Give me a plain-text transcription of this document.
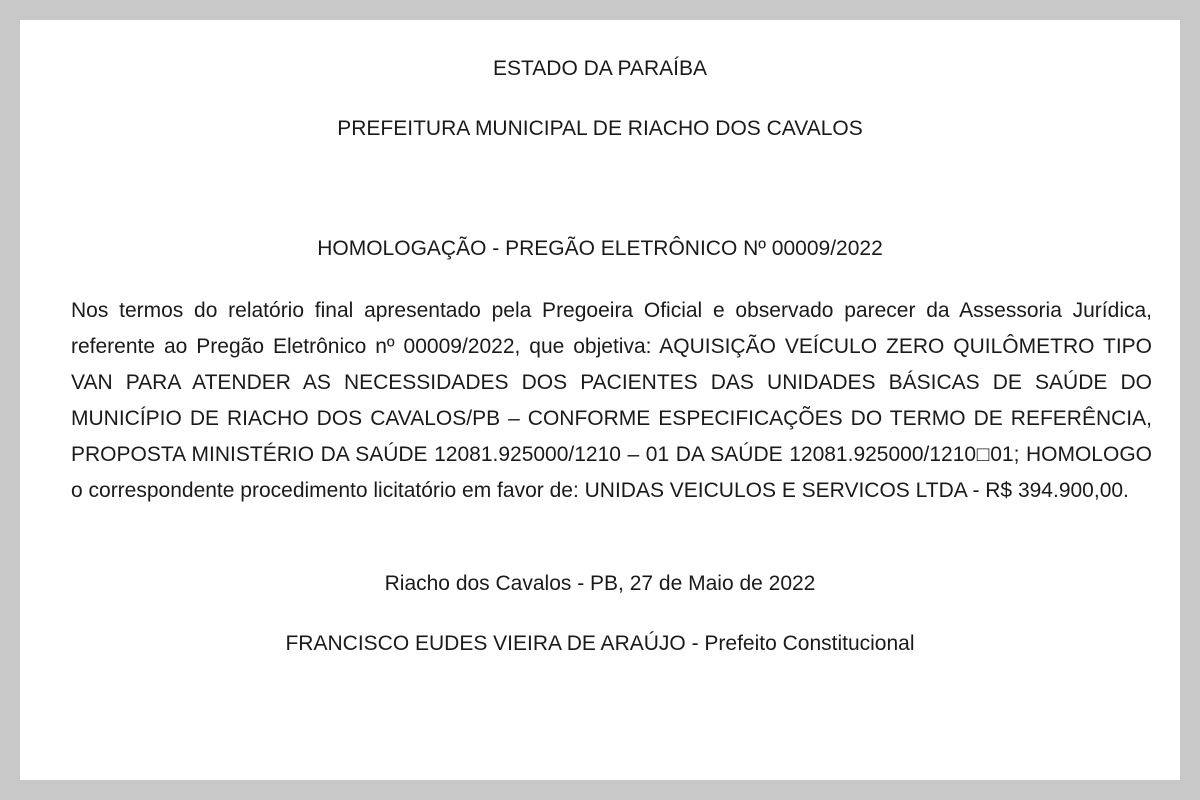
ESTADO DA PARAÍBA
PREFEITURA MUNICIPAL DE RIACHO DOS CAVALOS
HOMOLOGAÇÃO - PREGÃO ELETRÔNICO Nº 00009/2022
Nos termos do relatório final apresentado pela Pregoeira Oficial e observado parecer da Assessoria Jurídica, referente ao Pregão Eletrônico nº 00009/2022, que objetiva: AQUISIÇÃO VEÍCULO ZERO QUILÔMETRO TIPO VAN PARA ATENDER AS NECESSIDADES DOS PACIENTES DAS UNIDADES BÁSICAS DE SAÚDE DO MUNICÍPIO DE RIACHO DOS CAVALOS/PB – CONFORME ESPECIFICAÇÕES DO TERMO DE REFERÊNCIA, PROPOSTA MINISTÉRIO DA SAÚDE 12081.925000/1210 – 01 DA SAÚDE 12081.925000/1210□01; HOMOLOGO o correspondente procedimento licitatório em favor de: UNIDAS VEICULOS E SERVICOS LTDA - R$ 394.900,00.
Riacho dos Cavalos - PB, 27 de Maio de 2022
FRANCISCO EUDES VIEIRA DE ARAÚJO - Prefeito Constitucional
